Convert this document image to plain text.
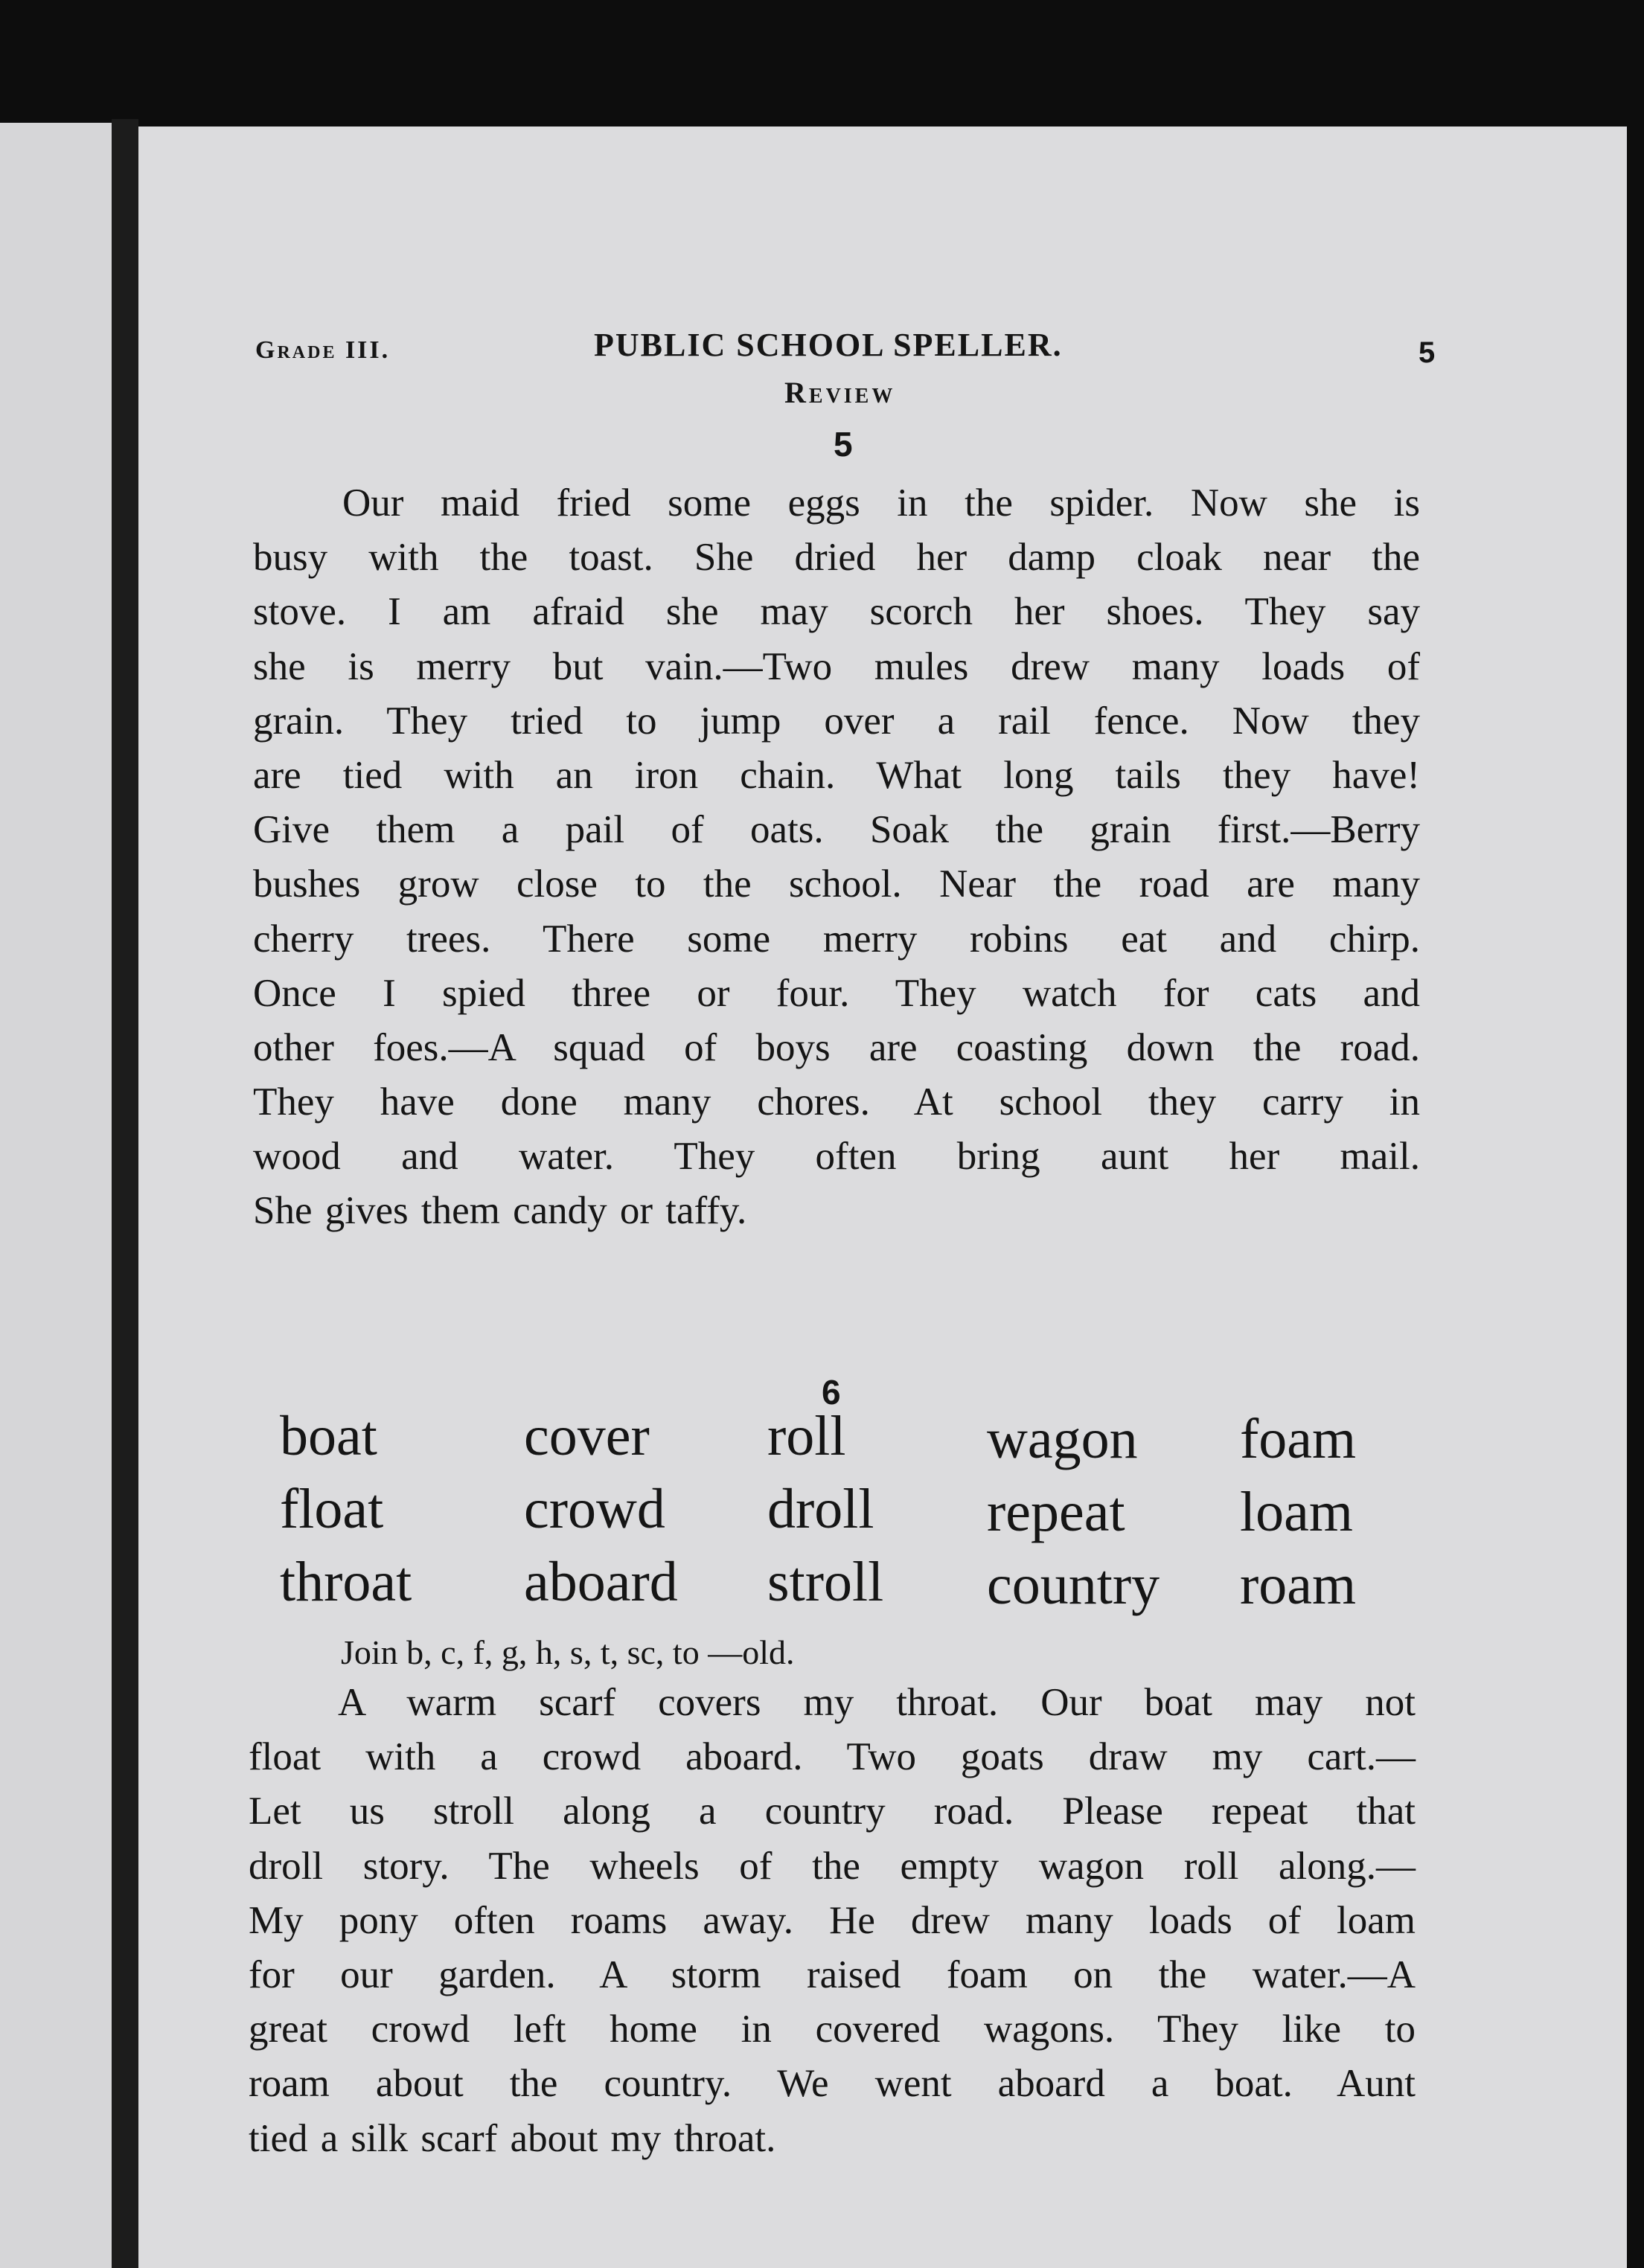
Grade III.	PUBLIC SCHOOL SPELLER.	5
Review
5
Our maid fried some eggs in the spider. Now she is
busy with the toast. She dried her damp cloak near the
stove. I am afraid she may scorch her shoes. They say
she is merry but vain.—Two mules drew many loads of
grain. They tried to jump over a rail fence. Now they
are tied with an iron chain. What long tails they have!
Give them a pail of oats. Soak the grain first.—Berry
bushes grow close to the school. Near the road are many
cherry trees. There some merry robins eat and chirp.
Once I spied three or four. They watch for cats and
other foes.—A squad of boys are coasting down the road.
They have done many chores. At school they carry in
wood and water. They often bring aunt her mail.
She gives them candy or taffy.
6
boat
float
throat
cover
crowd
aboard
roll
droll
stroll
wagon
repeat
country
foam
loam
roam
Join b, c, f, g, h, s, t, sc, to —old.
A warm scarf covers my throat. Our boat may not
float with a crowd aboard. Two goats draw my cart.—
Let us stroll along a country road. Please repeat that
droll story. The wheels of the empty wagon roll along.—
My pony often roams away. He drew many loads of loam
for our garden. A storm raised foam on the water.—A
great crowd left home in covered wagons. They like to
roam about the country. We went aboard a boat. Aunt
tied a silk scarf about my throat.
